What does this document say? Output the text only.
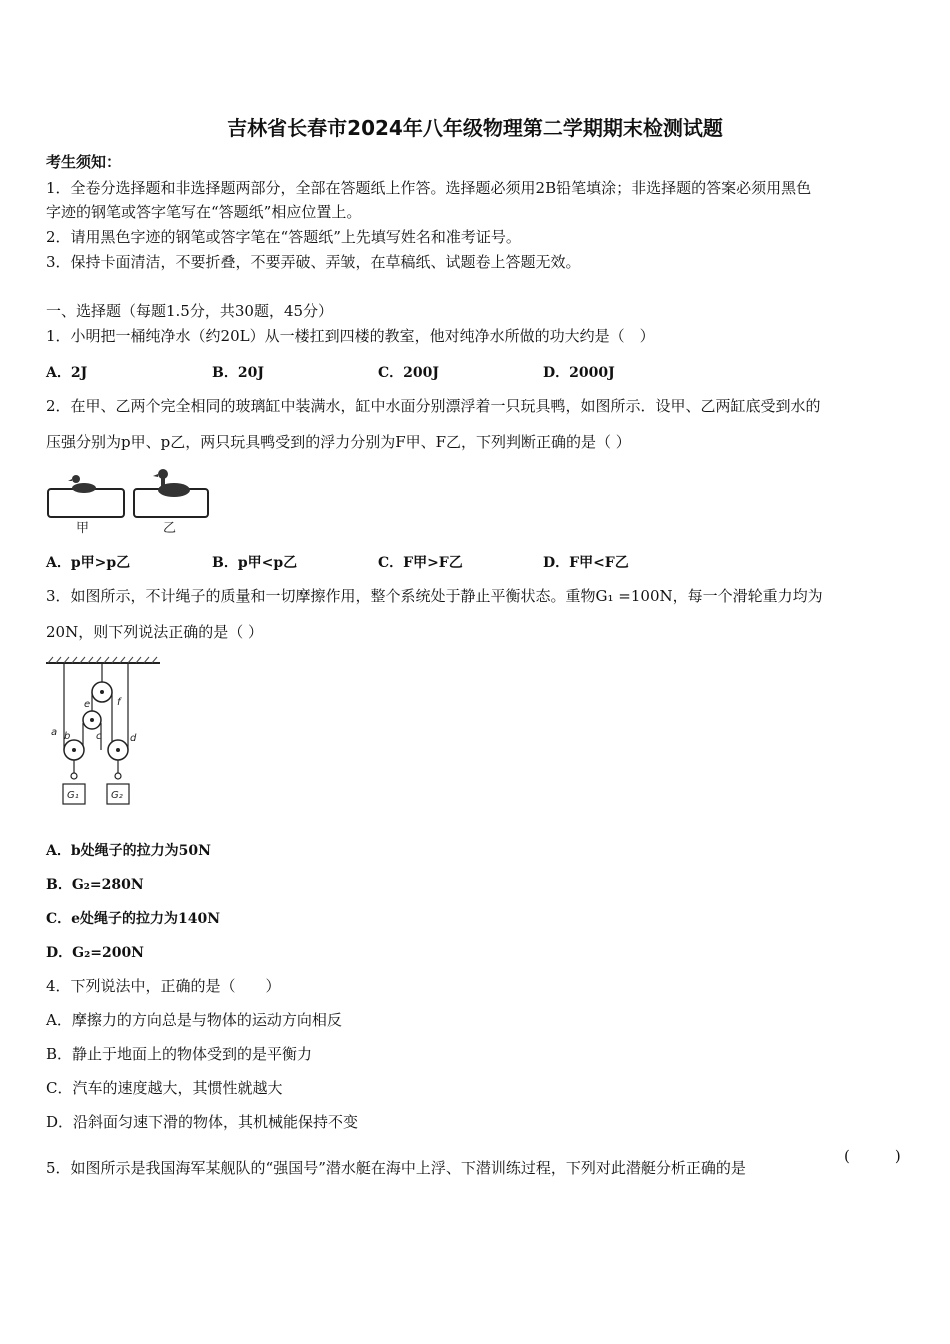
吉林省长春市2024年八年级物理第二学期期末检测试题
考生须知：
1．全卷分选择题和非选择题两部分，全部在答题纸上作答。选择题必须用2B铅笔填涂；非选择题的答案必须用黑色
字迹的钢笔或答字笔写在“答题纸”相应位置上。
2．请用黑色字迹的钢笔或答字笔在“答题纸”上先填写姓名和准考证号。
3．保持卡面清洁，不要折叠，不要弄破、弄皱，在草稿纸、试题卷上答题无效。
一、选择题（每题1.5分，共30题，45分）
1．小明把一桶纯净水（约20L）从一楼扛到四楼的教室，他对纯净水所做的功大约是（　）
A．2J	B．20J	C．200J	D．2000J
2．在甲、乙两个完全相同的玻璃缸中装满水，缸中水面分别漂浮着一只玩具鸭，如图所示．设甲、乙两缸底受到水的
压强分别为p甲、p乙，两只玩具鸭受到的浮力分别为F甲、F乙，下列判断正确的是（ ）
甲	乙
A．p甲>p乙	B．p甲<p乙	C．F甲>F乙	D．F甲<F乙
3．如图所示，不计绳子的质量和一切摩擦作用，整个系统处于静止平衡状态。重物G₁ =100N，每一个滑轮重力均为
20N，则下列说法正确的是（ ）
a b	c	d
e	f
G₁	G₂
A．b处绳子的拉力为50N
B．G₂=280N
C．e处绳子的拉力为140N
D．G₂=200N
4．下列说法中，正确的是（　　）
A．摩擦力的方向总是与物体的运动方向相反
B．静止于地面上的物体受到的是平衡力
C．汽车的速度越大，其惯性就越大
D．沿斜面匀速下滑的物体，其机械能保持不变
5．如图所示是我国海军某舰队的“强国号”潜水艇在海中上浮、下潜训练过程，下列对此潜艇分析正确的是
(　　　)
